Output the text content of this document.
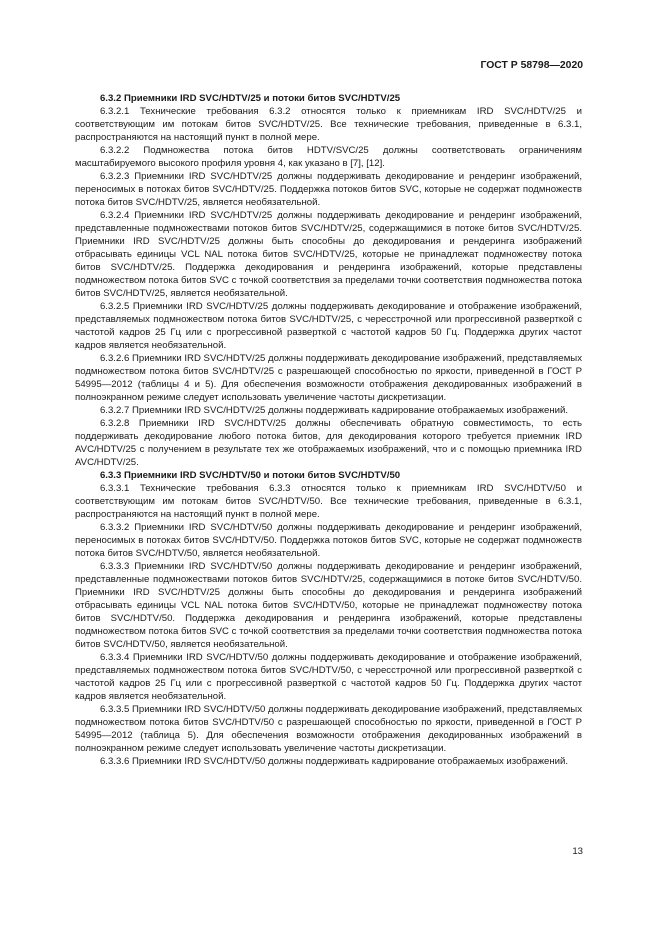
ГОСТ Р 58798—2020

6.3.2 Приемники IRD SVC/HDTV/25 и потоки битов SVC/HDTV/25

6.3.2.1 Технические требования 6.3.2 относятся только к приемникам IRD SVC/HDTV/25 и соответствующим им потокам битов SVC/HDTV/25. Все технические требования, приведенные в 6.3.1, распространяются на настоящий пункт в полной мере.

6.3.2.2 Подмножества потока битов HDTV/SVC/25 должны соответствовать ограничениям масштабируемого высокого профиля уровня 4, как указано в [7], [12].

6.3.2.3 Приемники IRD SVC/HDTV/25 должны поддерживать декодирование и рендеринг изображений, переносимых в потоках битов SVC/HDTV/25. Поддержка потоков битов SVC, которые не содержат подмножеств потока битов SVC/HDTV/25, является необязательной.

6.3.2.4 Приемники IRD SVC/HDTV/25 должны поддерживать декодирование и рендеринг изображений, представленные подмножествами потоков битов SVC/HDTV/25, содержащимися в потоке битов SVC/HDTV/25. Приемники IRD SVC/HDTV/25 должны быть способны до декодирования и рендеринга изображений отбрасывать единицы VCL NAL потока битов SVC/HDTV/25, которые не принадлежат подмножеству потока битов SVC/HDTV/25. Поддержка декодирования и рендеринга изображений, которые представлены подмножеством потока битов SVC с точкой соответствия за пределами точки соответствия подмножества потока битов SVC/HDTV/25, является необязательной.

6.3.2.5 Приемники IRD SVC/HDTV/25 должны поддерживать декодирование и отображение изображений, представляемых подмножеством потока битов SVC/HDTV/25, с чересстрочной или прогрессивной разверткой с частотой кадров 25 Гц или с прогрессивной разверткой с частотой кадров 50 Гц. Поддержка других частот кадров является необязательной.

6.3.2.6 Приемники IRD SVC/HDTV/25 должны поддерживать декодирование изображений, представляемых подмножеством потока битов SVC/HDTV/25 с разрешающей способностью по яркости, приведенной в ГОСТ Р 54995—2012 (таблицы 4 и 5). Для обеспечения возможности отображения декодированных изображений в полноэкранном режиме следует использовать увеличение частоты дискретизации.

6.3.2.7 Приемники IRD SVC/HDTV/25 должны поддерживать кадрирование отображаемых изображений.

6.3.2.8 Приемники IRD SVC/HDTV/25 должны обеспечивать обратную совместимость, то есть поддерживать декодирование любого потока битов, для декодирования которого требуется приемник IRD AVC/HDTV/25 с получением в результате тех же отображаемых изображений, что и с помощью приемника IRD AVC/HDTV/25.

6.3.3 Приемники IRD SVC/HDTV/50 и потоки битов SVC/HDTV/50

6.3.3.1 Технические требования 6.3.3 относятся только к приемникам IRD SVC/HDTV/50 и соответствующим им потокам битов SVC/HDTV/50. Все технические требования, приведенные в 6.3.1, распространяются на настоящий пункт в полной мере.

6.3.3.2 Приемники IRD SVC/HDTV/50 должны поддерживать декодирование и рендеринг изображений, переносимых в потоках битов SVC/HDTV/50. Поддержка потоков битов SVC, которые не содержат подмножеств потока битов SVC/HDTV/50, является необязательной.

6.3.3.3 Приемники IRD SVC/HDTV/50 должны поддерживать декодирование и рендеринг изображений, представленные подмножествами потоков битов SVC/HDTV/25, содержащимися в потоке битов SVC/HDTV/50. Приемники IRD SVC/HDTV/25 должны быть способны до декодирования и рендеринга изображений отбрасывать единицы VCL NAL потока битов SVC/HDTV/50, которые не принадлежат подмножеству потока битов SVC/HDTV/50. Поддержка декодирования и рендеринга изображений, которые представлены подмножеством потока битов SVC с точкой соответствия за пределами точки соответствия подмножества потока битов SVC/HDTV/50, является необязательной.

6.3.3.4 Приемники IRD SVC/HDTV/50 должны поддерживать декодирование и отображение изображений, представляемых подмножеством потока битов SVC/HDTV/50, с чересстрочной или прогрессивной разверткой с частотой кадров 25 Гц или с прогрессивной разверткой с частотой кадров 50 Гц. Поддержка других частот кадров является необязательной.

6.3.3.5 Приемники IRD SVC/HDTV/50 должны поддерживать декодирование изображений, представляемых подмножеством потока битов SVC/HDTV/50 с разрешающей способностью по яркости, приведенной в ГОСТ Р 54995—2012 (таблица 5). Для обеспечения возможности отображения декодированных изображений в полноэкранном режиме следует использовать увеличение частоты дискретизации.

6.3.3.6 Приемники IRD SVC/HDTV/50 должны поддерживать кадрирование отображаемых изображений.

13
